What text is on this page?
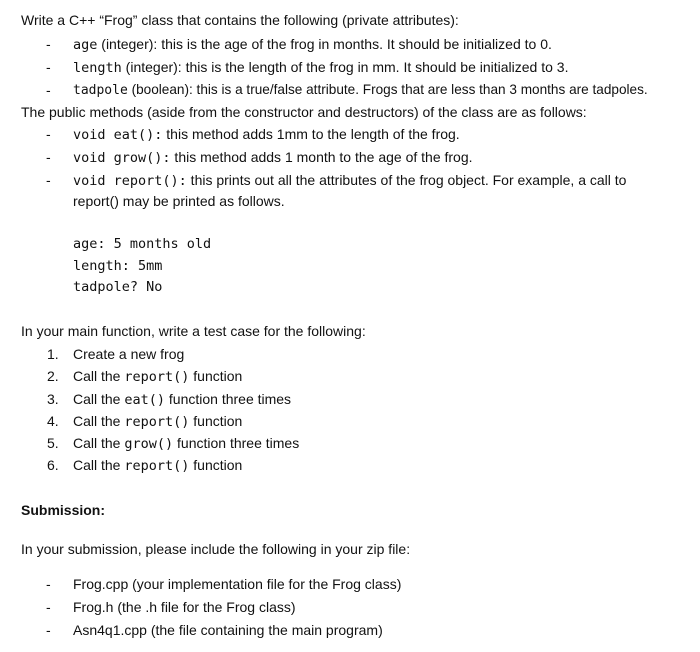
Write a C++ “Frog” class that contains the following (private attributes):
- age (integer): this is the age of the frog in months. It should be initialized to 0.
- length (integer): this is the length of the frog in mm. It should be initialized to 3.
- tadpole (boolean): this is a true/false attribute. Frogs that are less than 3 months are tadpoles.
The public methods (aside from the constructor and destructors) of the class are as follows:
- void eat(): this method adds 1mm to the length of the frog.
- void grow(): this method adds 1 month to the age of the frog.
- void report(): this prints out all the attributes of the frog object. For example, a call to
report() may be printed as follows.
age: 5 months old
length: 5mm
tadpole? No
In your main function, write a test case for the following:
1. Create a new frog
2. Call the report() function
3. Call the eat() function three times
4. Call the report() function
5. Call the grow() function three times
6. Call the report() function
Submission:
In your submission, please include the following in your zip file:
- Frog.cpp (your implementation file for the Frog class)
- Frog.h (the .h file for the Frog class)
- Asn4q1.cpp (the file containing the main program)
